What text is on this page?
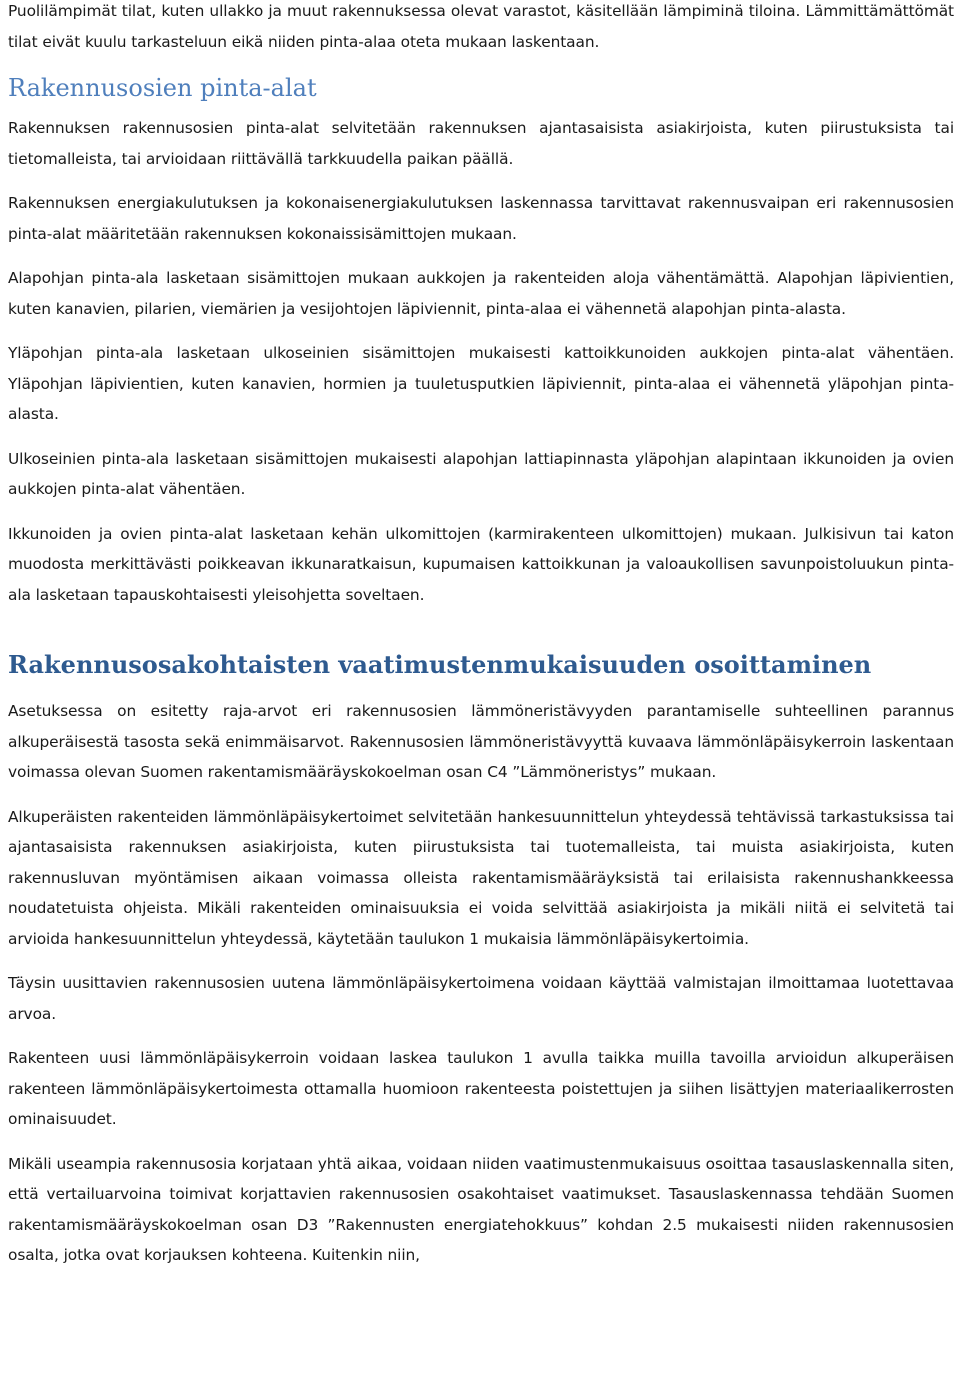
Puolilämpimät tilat, kuten ullakko ja muut rakennuksessa olevat varastot, käsitellään lämpiminä tiloina. Lämmittämättömät tilat eivät kuulu tarkasteluun eikä niiden pinta-alaa oteta mukaan laskentaan.

Rakennusosien pinta-alat

Rakennuksen rakennusosien pinta-alat selvitetään rakennuksen ajantasaisista asiakirjoista, kuten piirustuksista tai tietomalleista, tai arvioidaan riittävällä tarkkuudella paikan päällä.

Rakennuksen energiakulutuksen ja kokonaisenergiakulutuksen laskennassa tarvittavat rakennusvaipan eri rakennusosien pinta-alat määritetään rakennuksen kokonaissisämittojen mukaan.

Alapohjan pinta-ala lasketaan sisämittojen mukaan aukkojen ja rakenteiden aloja vähentämättä. Alapohjan läpivientien, kuten kanavien, pilarien, viemärien ja vesijohtojen läpiviennit, pinta-alaa ei vähennetä alapohjan pinta-alasta.

Yläpohjan pinta-ala lasketaan ulkoseinien sisämittojen mukaisesti kattoikkunoiden aukkojen pinta-alat vähentäen. Yläpohjan läpivientien, kuten kanavien, hormien ja tuuletusputkien läpiviennit, pinta-alaa ei vähennetä yläpohjan pinta-alasta.

Ulkoseinien pinta-ala lasketaan sisämittojen mukaisesti alapohjan lattiapinnasta yläpohjan alapintaan ikkunoiden ja ovien aukkojen pinta-alat vähentäen.

Ikkunoiden ja ovien pinta-alat lasketaan kehän ulkomittojen (karmirakenteen ulkomittojen) mukaan. Julkisivun tai katon muodosta merkittävästi poikkeavan ikkunaratkaisun, kupumaisen kattoikkunan ja valoaukollisen savunpoistoluukun pinta-ala lasketaan tapauskohtaisesti yleisohjetta soveltaen.

Rakennusosakohtaisten vaatimustenmukaisuuden osoittaminen

Asetuksessa on esitetty raja-arvot eri rakennusosien lämmöneristävyyden parantamiselle suhteellinen parannus alkuperäisestä tasosta sekä enimmäisarvot. Rakennusosien lämmöneristävyyttä kuvaava lämmönläpäisykerroin laskentaan voimassa olevan Suomen rakentamismääräyskokoelman osan C4 ”Lämmöneristys” mukaan.

Alkuperäisten rakenteiden lämmönläpäisykertoimet selvitetään hankesuunnittelun yhteydessä tehtävissä tarkastuksissa tai ajantasaisista rakennuksen asiakirjoista, kuten piirustuksista tai tuotemalleista, tai muista asiakirjoista, kuten rakennusluvan myöntämisen aikaan voimassa olleista rakentamismääräyksistä tai erilaisista rakennushankkeessa noudatetuista ohjeista. Mikäli rakenteiden ominaisuuksia ei voida selvittää asiakirjoista ja mikäli niitä ei selvitetä tai arvioida hankesuunnittelun yhteydessä, käytetään taulukon 1 mukaisia lämmönläpäisykertoimia.

Täysin uusittavien rakennusosien uutena lämmönläpäisykertoimena voidaan käyttää valmistajan ilmoittamaa luotettavaa arvoa.

Rakenteen uusi lämmönläpäisykerroin voidaan laskea taulukon 1 avulla taikka muilla tavoilla arvioidun alkuperäisen rakenteen lämmönläpäisykertoimesta ottamalla huomioon rakenteesta poistettujen ja siihen lisättyjen materiaalikerrosten ominaisuudet.

Mikäli useampia rakennusosia korjataan yhtä aikaa, voidaan niiden vaatimustenmukaisuus osoittaa tasauslaskennalla siten, että vertailuarvoina toimivat korjattavien rakennusosien osakohtaiset vaatimukset. Tasauslaskennassa tehdään Suomen rakentamismääräyskokoelman osan D3 ”Rakennusten energiatehokkuus” kohdan 2.5 mukaisesti niiden rakennusosien osalta, jotka ovat korjauksen kohteena. Kuitenkin niin,
